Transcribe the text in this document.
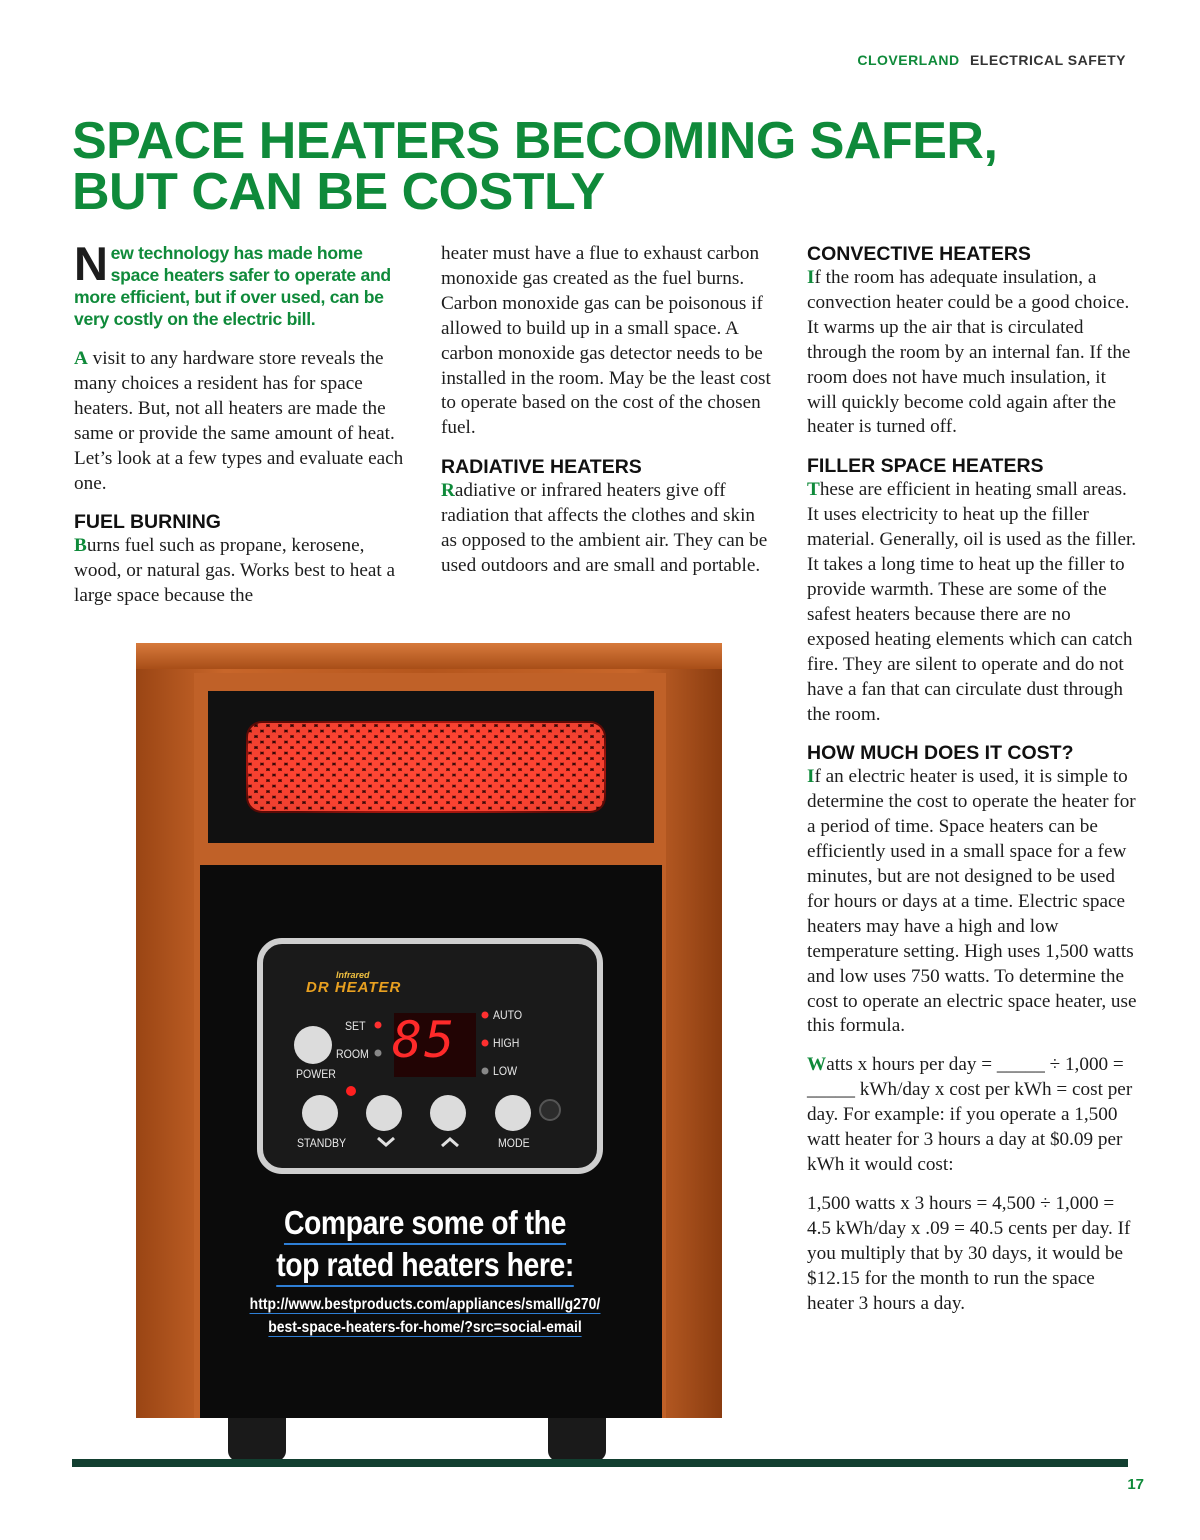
CLOVERLAND ELECTRICAL SAFETY
SPACE HEATERS BECOMING SAFER,
BUT CAN BE COSTLY

New technology has made home space heaters safer to operate and more efficient, but if over used, can be very costly on the electric bill.

A visit to any hardware store reveals the many choices a resident has for space heaters. But, not all heaters are made the same or provide the same amount of heat. Let’s look at a few types and evaluate each one.

FUEL BURNING

Burns fuel such as propane, kerosene, wood, or natural gas. Works best to heat a large space because the

heater must have a flue to exhaust carbon monoxide gas created as the fuel burns. Carbon monoxide gas can be poisonous if allowed to build up in a small space. A carbon monoxide gas detector needs to be installed in the room. May be the least cost to operate based on the cost of the chosen fuel.

RADIATIVE HEATERS

Radiative or infrared heaters give off radiation that affects the clothes and skin as opposed to the ambient air. They can be used outdoors and are small and portable.

CONVECTIVE HEATERS

If the room has adequate insulation, a convection heater could be a good choice. It warms up the air that is circulated through the room by an internal fan. If the room does not have much insulation, it will quickly become cold again after the heater is turned off.

FILLER SPACE HEATERS

These are efficient in heating small areas. It uses electricity to heat up the filler material. Generally, oil is used as the filler. It takes a long time to heat up the filler to provide warmth. These are some of the safest heaters because there are no exposed heating elements which can catch fire. They are silent to operate and do not have a fan that can circulate dust through the room.

HOW MUCH DOES IT COST?

If an electric heater is used, it is simple to determine the cost to operate the heater for a period of time. Space heaters can be efficiently used in a small space for a few minutes, but are not designed to be used for hours or days at a time. Electric space heaters may have a high and low temperature setting. High uses 1,500 watts and low uses 750 watts. To determine the cost to operate an electric space heater, use this formula.

Watts x hours per day = _____ ÷ 1,000 = _____ kWh/day x cost per kWh = cost per day. For example: if you operate a 1,500 watt heater for 3 hours a day at $0.09 per kWh it would cost:

1,500 watts x 3 hours = 4,500 ÷ 1,000 = 4.5 kWh/day x .09 = 40.5 cents per day. If you multiply that by 30 days, it would be $12.15 for the month to run the space heater 3 hours a day.

Infrared
DR HEATER
85
SET
ROOM
POWER
AUTO
HIGH
LOW
STANDBY	MODE
Compare some of the
top rated heaters here:
http://www.bestproducts.com/appliances/small/g270/
best-space-heaters-for-home/?src=social-email
17
